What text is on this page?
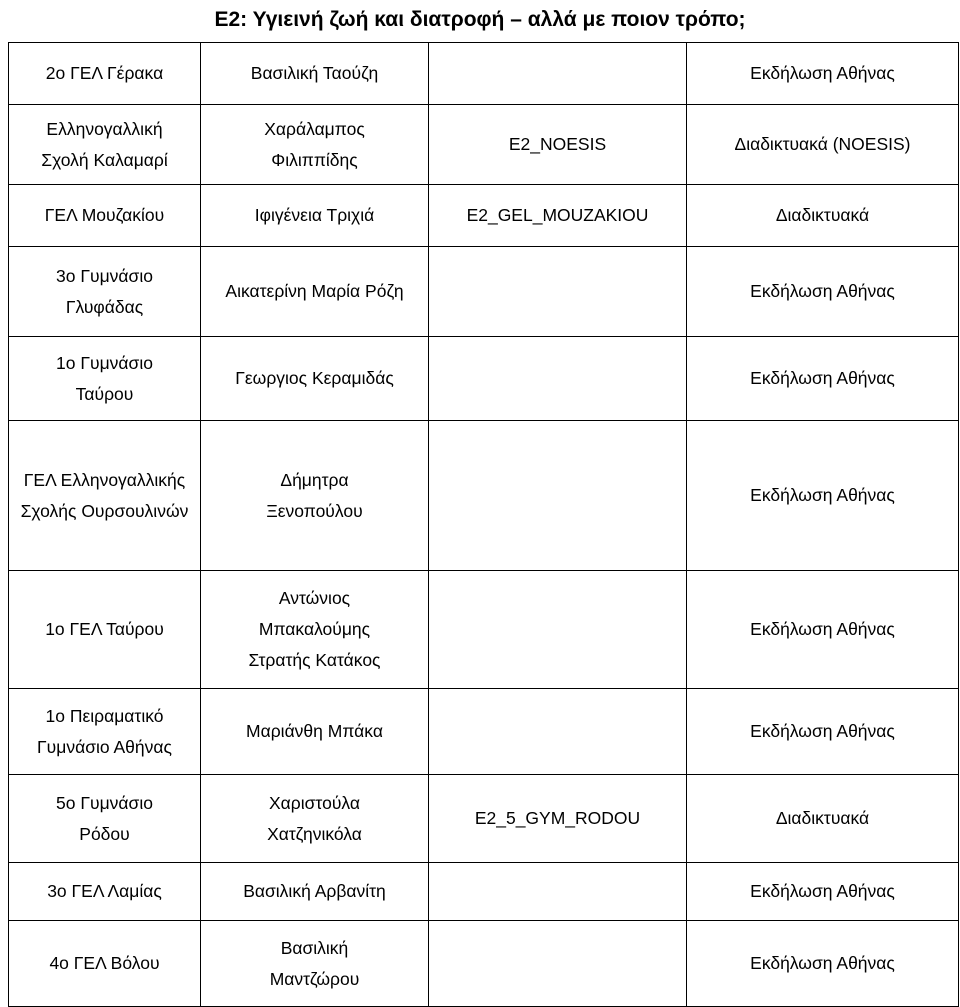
Ε2: Υγιεινή ζωή και διατροφή – αλλά με ποιον τρόπο;
2ο ΓΕΛ Γέρακα	Βασιλική Ταούζη		Εκδήλωση Αθήνας
Ελληνογαλλική Σχολή Καλαμαρί	Χαράλαμπος Φιλιππίδης	E2_NOESIS	Διαδικτυακά (NOESIS)
ΓΕΛ Μουζακίου	Ιφιγένεια Τριχιά	E2_GEL_MOUZAKIOU	Διαδικτυακά
3ο Γυμνάσιο Γλυφάδας	Αικατερίνη Μαρία Ρόζη		Εκδήλωση Αθήνας
1ο Γυμνάσιο Ταύρου	Γεωργιος Κεραμιδάς		Εκδήλωση Αθήνας
ΓΕΛ Ελληνογαλλικής Σχολής Ουρσουλινών	Δήμητρα Ξενοπούλου		Εκδήλωση Αθήνας
1ο ΓΕΛ Ταύρου	Αντώνιος Μπακαλούμης Στρατής Κατάκος		Εκδήλωση Αθήνας
1ο Πειραματικό Γυμνάσιο Αθήνας	Μαριάνθη Μπάκα		Εκδήλωση Αθήνας
5ο Γυμνάσιο Ρόδου	Χαριστούλα Χατζηνικόλα	E2_5_GYM_RODOU	Διαδικτυακά
3ο ΓΕΛ Λαμίας	Βασιλική Αρβανίτη		Εκδήλωση Αθήνας
4ο ΓΕΛ Βόλου	Βασιλική Μαντζώρου		Εκδήλωση Αθήνας
